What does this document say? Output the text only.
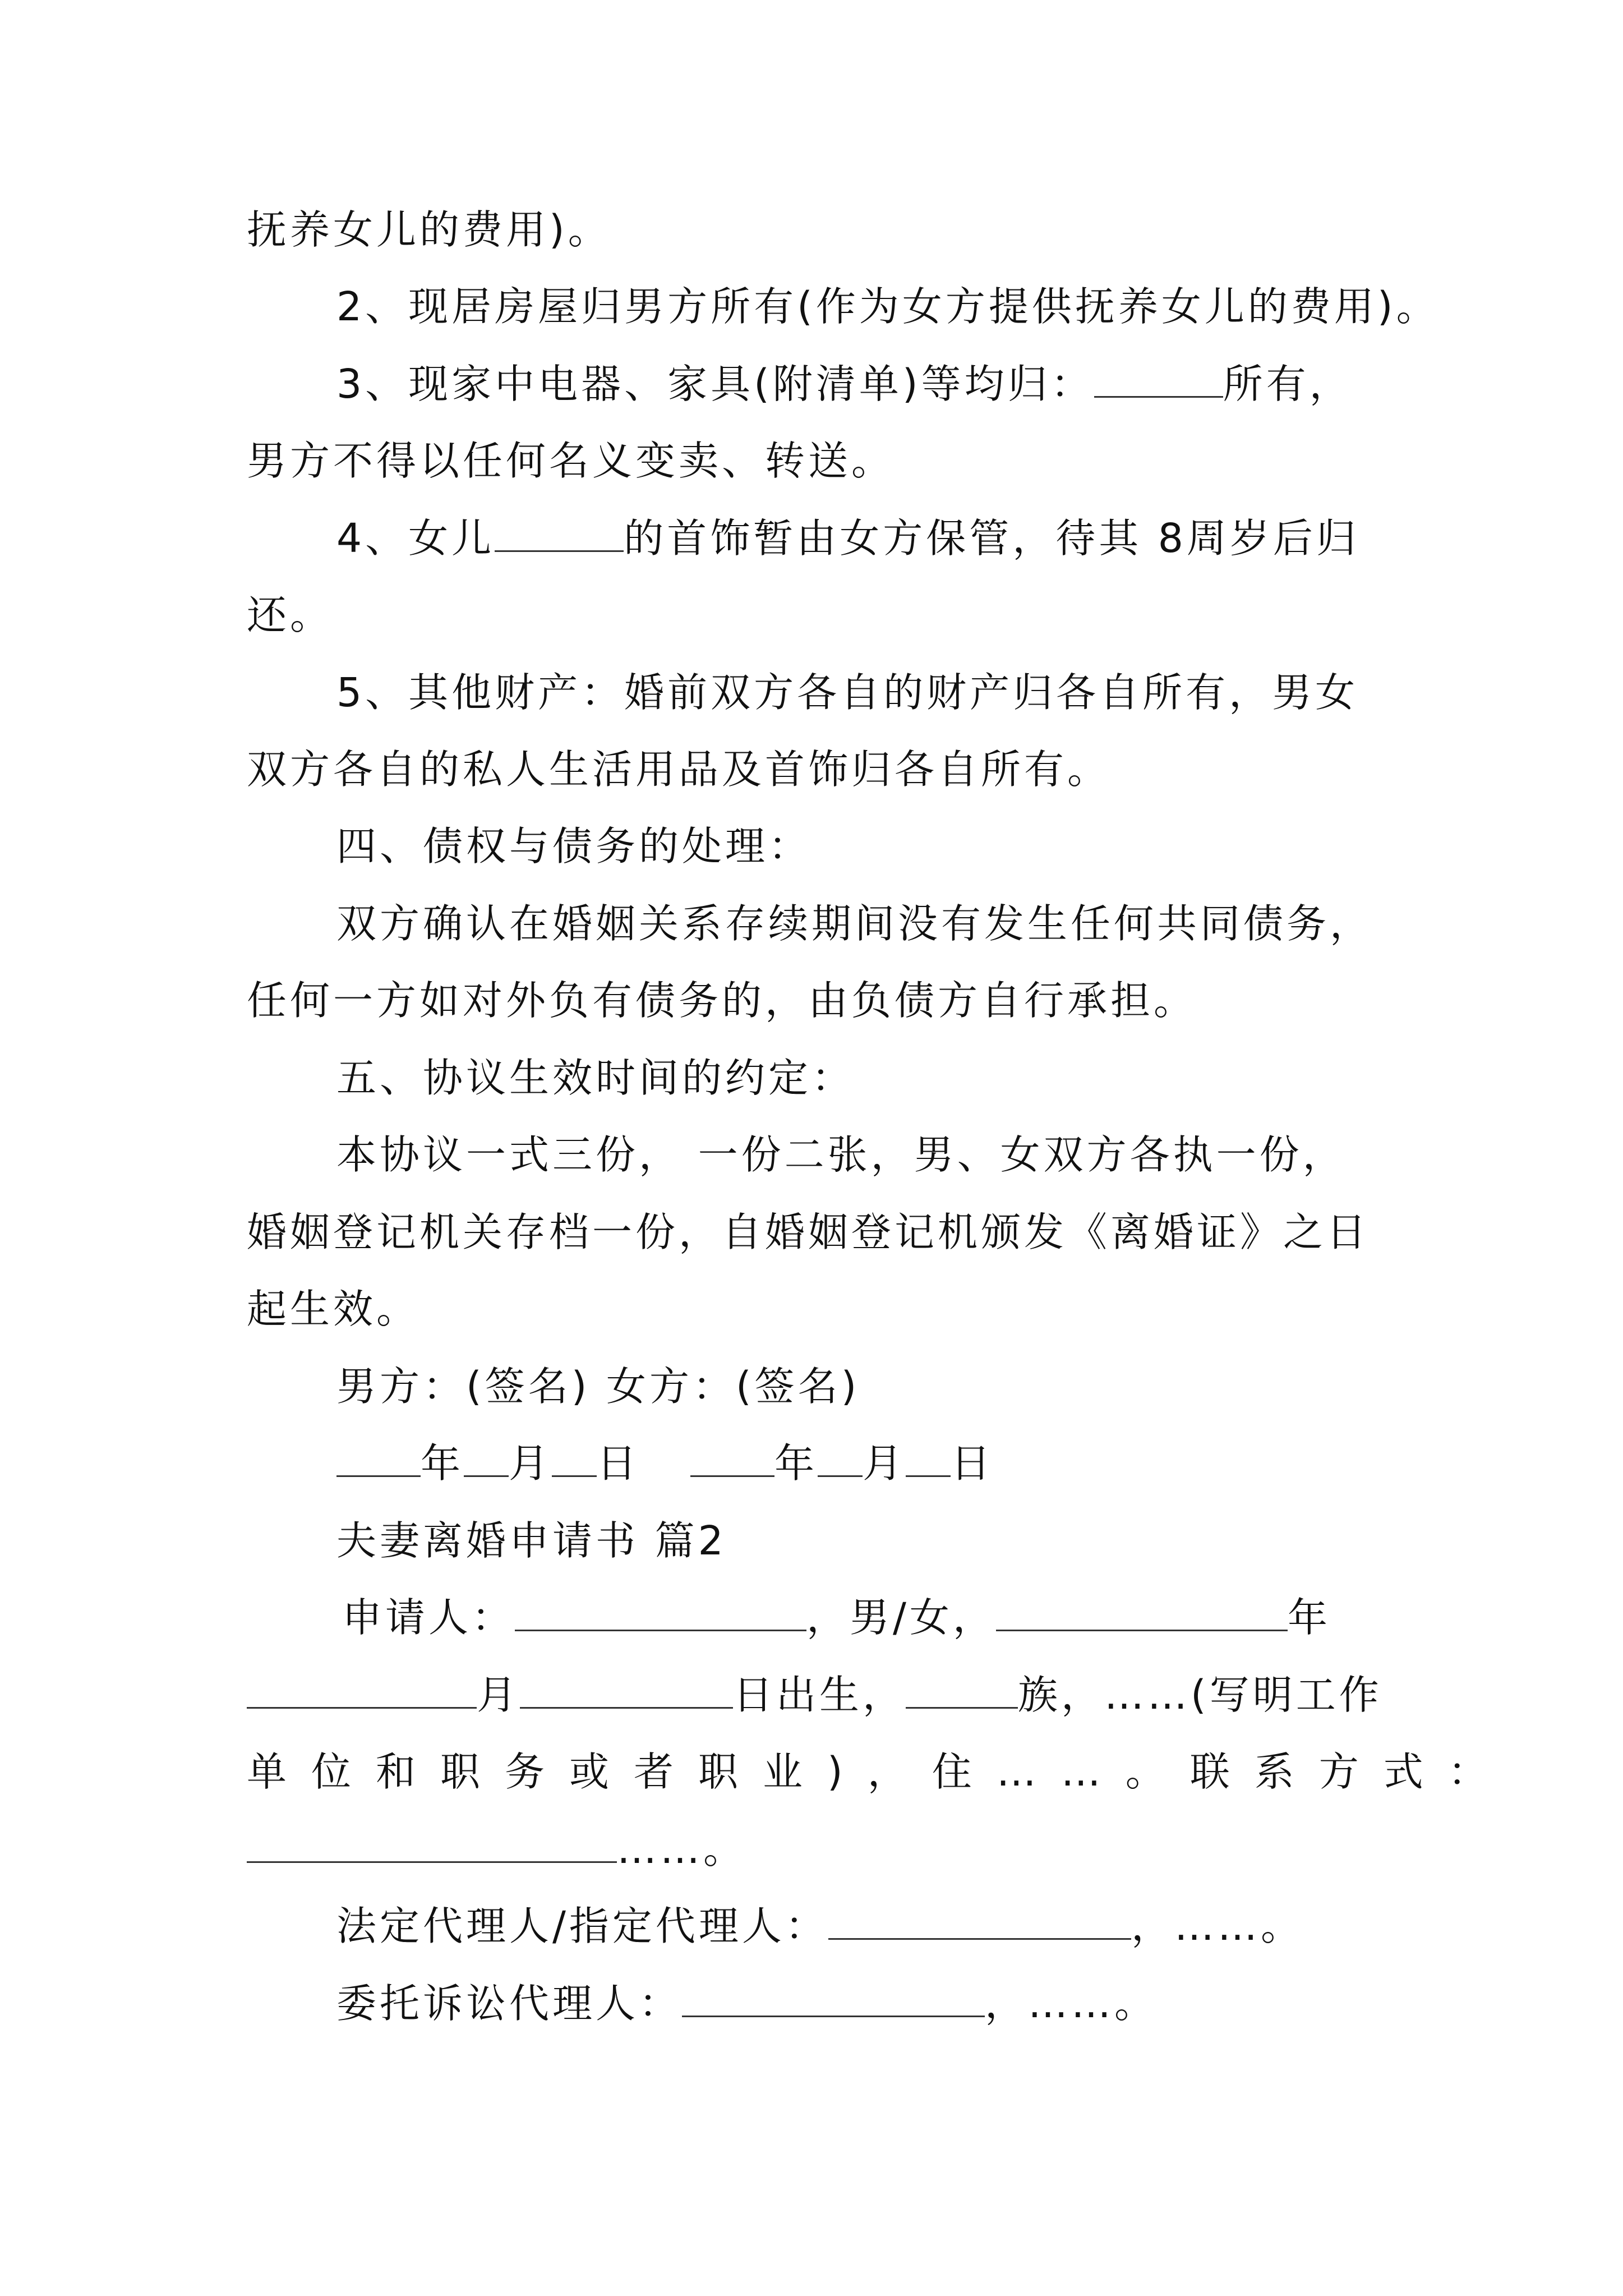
抚养女儿的费用)。
2、现居房屋归男方所有(作为女方提供抚养女儿的费用)。
3、现家中电器、家具(附清单)等均归：	所有，
男方不得以任何名义变卖、转送。
4、女儿	的首饰暂由女方保管，待其 8周岁后归
还。
5、其他财产：婚前双方各自的财产归各自所有，男女
双方各自的私人生活用品及首饰归各自所有。
四、债权与债务的处理：
双方确认在婚姻关系存续期间没有发生任何共同债务，
任何一方如对外负有债务的，由负债方自行承担。
五、协议生效时间的约定：
本协议一式三份， 一份二张，男、女双方各执一份，
婚姻登记机关存档一份，自婚姻登记机颁发《离婚证》之日
起生效。
男方：(签名) 女方：(签名)
年 月 日	年 月 日
夫妻离婚申请书 篇2
申请人：	，男/女，	年
月	日出生，	族，……(写明工作
单位和职务或者职业)，住……。联系方式：
……。
法定代理人/指定代理人：	，……。
委托诉讼代理人：	，……。
